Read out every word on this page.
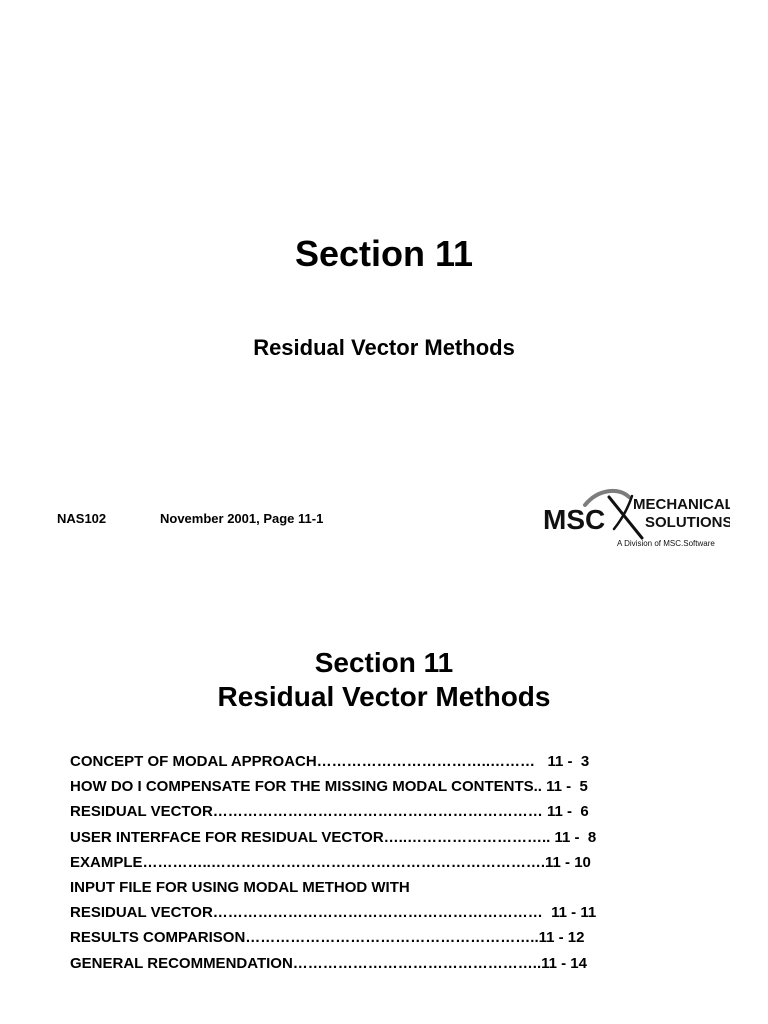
Section 11
Residual Vector Methods
NAS102	November 2001, Page 11-1	MSC MECHANICAL
SOLUTIONS
A Division of MSC.Software
Section 11
Residual Vector Methods
CONCEPT OF MODAL APPROACH……………………………..………   11 -  3
HOW DO I COMPENSATE FOR THE MISSING MODAL CONTENTS.. 11 -  5
RESIDUAL VECTOR………………………………………………………… 11 -  6
USER INTERFACE FOR RESIDUAL VECTOR…..……………………….. 11 -  8
EXAMPLE…………..………………………………………………………….11 - 10
INPUT FILE FOR USING MODAL METHOD WITH
RESIDUAL VECTOR…………………………………………………………  11 - 11
RESULTS COMPARISON…………………………………………………..11 - 12
GENERAL RECOMMENDATION…………………………………………..11 - 14
